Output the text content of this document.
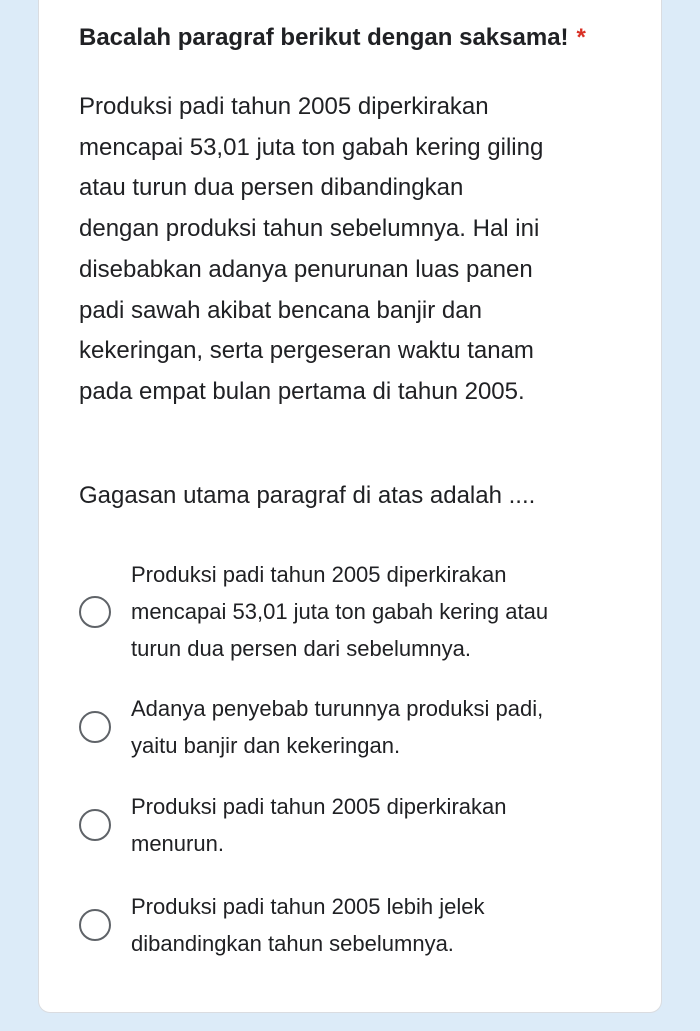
Bacalah paragraf berikut dengan saksama! *
Produksi padi tahun 2005 diperkirakan
mencapai 53,01 juta ton gabah kering giling
atau turun dua persen dibandingkan
dengan produksi tahun sebelumnya. Hal ini
disebabkan adanya penurunan luas panen
padi sawah akibat bencana banjir dan
kekeringan, serta pergeseran waktu tanam
pada empat bulan pertama di tahun 2005.
Gagasan utama paragraf di atas adalah ....
Produksi padi tahun 2005 diperkirakan
mencapai 53,01 juta ton gabah kering atau
turun dua persen dari sebelumnya.
Adanya penyebab turunnya produksi padi,
yaitu banjir dan kekeringan.
Produksi padi tahun 2005 diperkirakan
menurun.
Produksi padi tahun 2005 lebih jelek
dibandingkan tahun sebelumnya.
